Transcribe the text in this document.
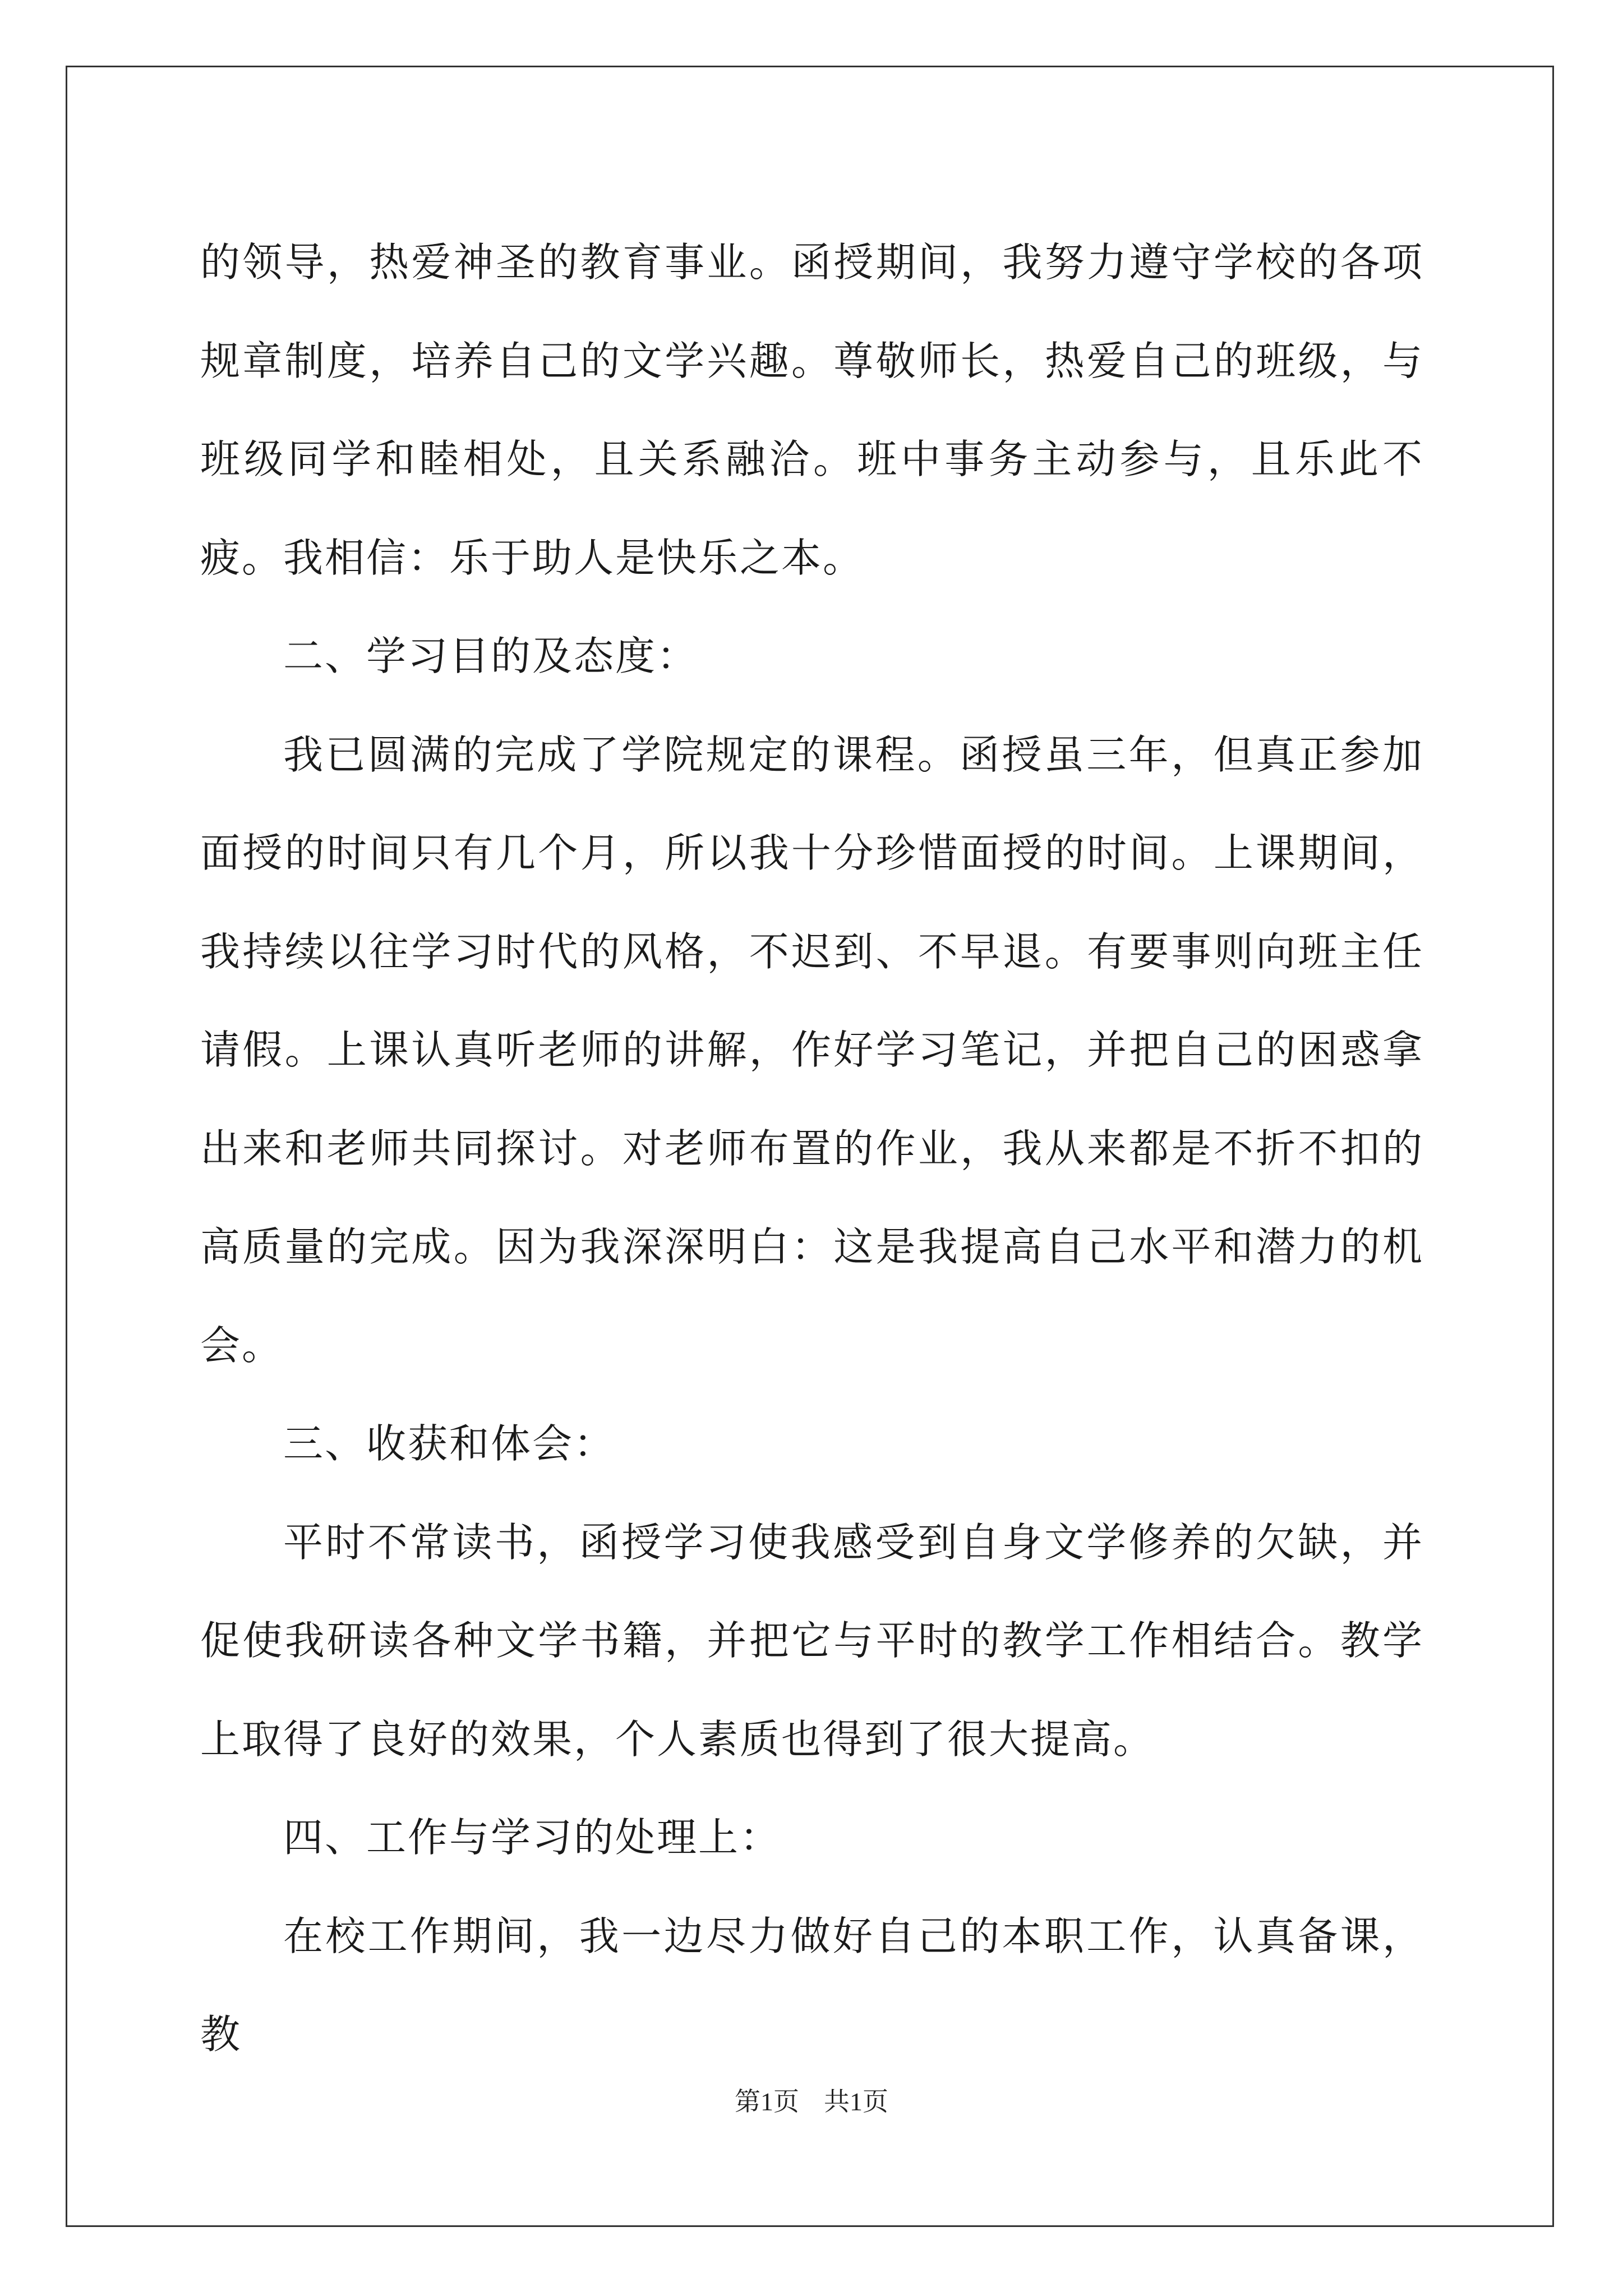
的领导，热爱神圣的教育事业。函授期间，我努力遵守学校的各项规章制度，培养自己的文学兴趣。尊敬师长，热爱自己的班级，与班级同学和睦相处，且关系融洽。班中事务主动参与，且乐此不疲。我相信：乐于助人是快乐之本。

二、学习目的及态度：

我已圆满的完成了学院规定的课程。函授虽三年，但真正参加面授的时间只有几个月，所以我十分珍惜面授的时间。上课期间，我持续以往学习时代的风格，不迟到、不早退。有要事则向班主任请假。上课认真听老师的讲解，作好学习笔记，并把自己的困惑拿出来和老师共同探讨。对老师布置的作业，我从来都是不折不扣的高质量的完成。因为我深深明白：这是我提高自己水平和潜力的机会。

三、收获和体会：

平时不常读书，函授学习使我感受到自身文学修养的欠缺，并促使我研读各种文学书籍，并把它与平时的教学工作相结合。教学上取得了良好的效果，个人素质也得到了很大提高。

四、工作与学习的处理上：

在校工作期间，我一边尽力做好自己的本职工作，认真备课，教

第1页 共1页
